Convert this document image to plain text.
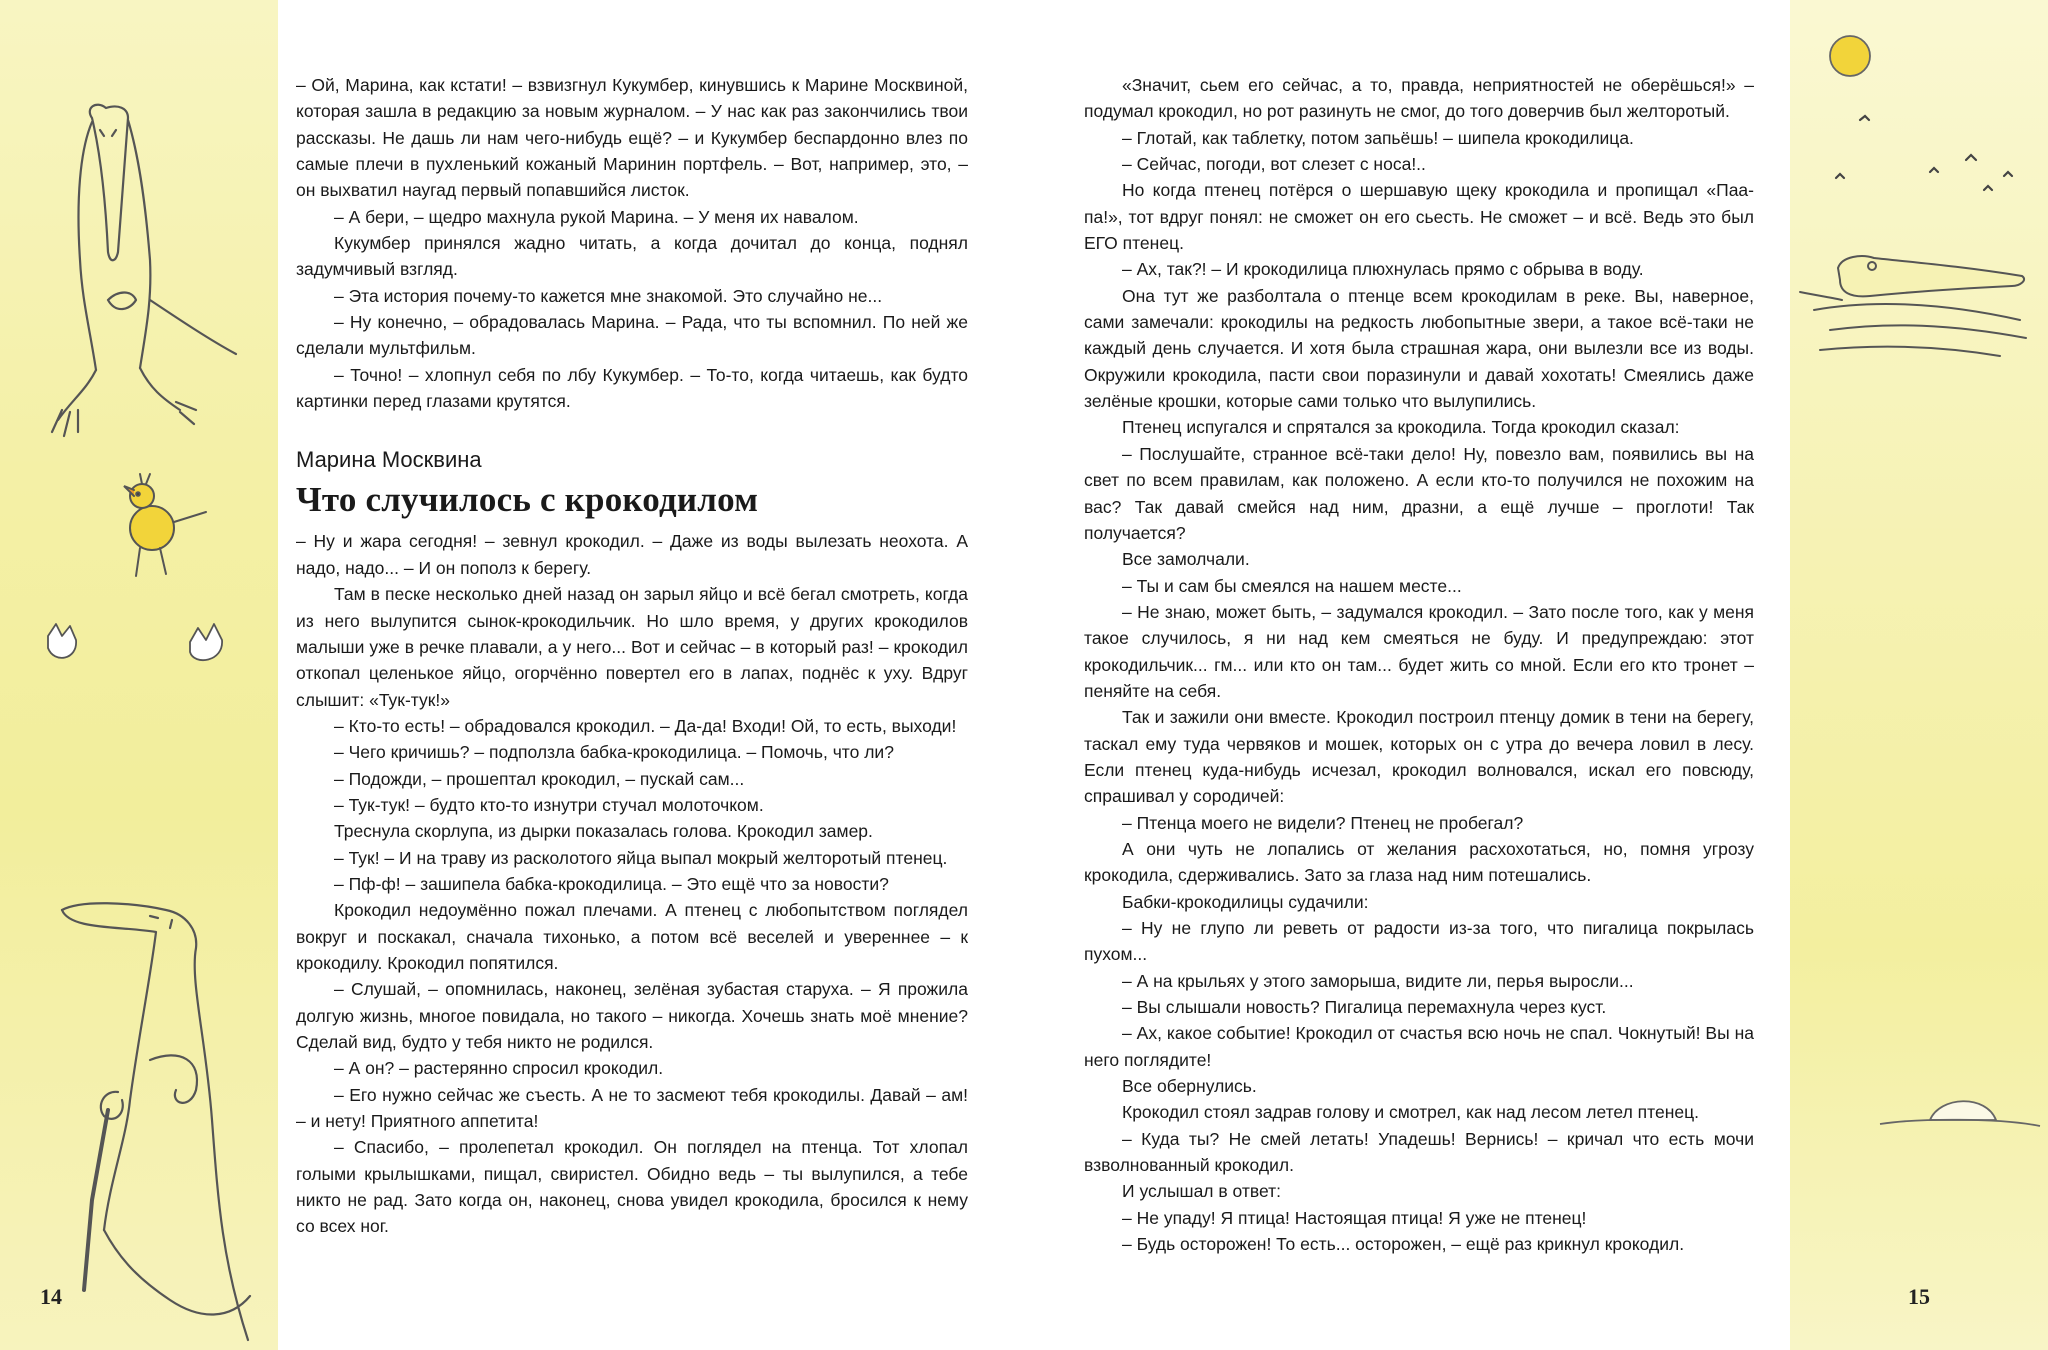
14

– Ой, Марина, как кстати! – взвизгнул Кукумбер, кинувшись к Марине Москвиной, которая зашла в редакцию за новым журналом. – У нас как раз закончились твои рассказы. Не дашь ли нам чего-нибудь ещё? – и Кукумбер беспардонно влез по самые плечи в пухленький кожаный Маринин портфель. – Вот, например, это, – он выхватил наугад первый попавшийся листок.

– А бери, – щедро махнула рукой Марина. – У меня их навалом.

Кукумбер принялся жадно читать, а когда дочитал до конца, поднял задумчивый взгляд.

– Эта история почему-то кажется мне знакомой. Это случайно не...

– Ну конечно, – обрадовалась Марина. – Рада, что ты вспомнил. По ней же сделали мультфильм.

– Точно! – хлопнул себя по лбу Кукумбер. – То-то, когда читаешь, как будто картинки перед глазами крутятся.

Марина Москвина
Что случилось с крокодилом

– Ну и жара сегодня! – зевнул крокодил. – Даже из воды вылезать неохота. А надо, надо... – И он пополз к берегу.

Там в песке несколько дней назад он зарыл яйцо и всё бегал смотреть, когда из него вылупится сынок-крокодильчик. Но шло время, у других крокодилов малыши уже в речке плавали, а у него... Вот и сейчас – в который раз! – крокодил откопал целенькое яйцо, огорчённо повертел его в лапах, поднёс к уху. Вдруг слышит: «Тук-тук!»

– Кто-то есть! – обрадовался крокодил. – Да-да! Входи! Ой, то есть, выходи!

– Чего кричишь? – подползла бабка-крокодилица. – Помочь, что ли?

– Подожди, – прошептал крокодил, – пускай сам...

– Тук-тук! – будто кто-то изнутри стучал молоточком.

Треснула скорлупа, из дырки показалась голова. Крокодил замер.

– Тук! – И на траву из расколотого яйца выпал мокрый желторотый птенец.

– Пф-ф! – зашипела бабка-крокодилица. – Это ещё что за новости?

Крокодил недоумённо пожал плечами. А птенец с любопытством поглядел вокруг и поскакал, сначала тихонько, а потом всё веселей и увереннее – к крокодилу. Крокодил попятился.

– Слушай, – опомнилась, наконец, зелёная зубастая старуха. – Я прожила долгую жизнь, многое повидала, но такого – никогда. Хочешь знать моё мнение? Сделай вид, будто у тебя никто не родился.

– А он? – растерянно спросил крокодил.

– Его нужно сейчас же съесть. А не то засмеют тебя крокодилы. Давай – ам! – и нету! Приятного аппетита!

– Спасибо, – пролепетал крокодил. Он поглядел на птенца. Тот хлопал голыми крылышками, пищал, свиристел. Обидно ведь – ты вылупился, а тебе никто не рад. Зато когда он, наконец, снова увидел крокодила, бросился к нему со всех ног.

«Значит, сьем его сейчас, а то, правда, неприятностей не оберёшься!» – подумал крокодил, но рот разинуть не смог, до того доверчив был желторотый.

– Глотай, как таблетку, потом запьёшь! – шипела крокодилица.

– Сейчас, погоди, вот слезет с носа!..

Но когда птенец потёрся о шершавую щеку крокодила и пропищал «Паа-па!», тот вдруг понял: не сможет он его сьесть. Не сможет – и всё. Ведь это был ЕГО птенец.

– Ах, так?! – И крокодилица плюхнулась прямо с обрыва в воду.

Она тут же разболтала о птенце всем крокодилам в реке. Вы, наверное, сами замечали: крокодилы на редкость любопытные звери, а такое всё-таки не каждый день случается. И хотя была страшная жара, они вылезли все из воды. Окружили крокодила, пасти свои поразинули и давай хохотать! Смеялись даже зелёные крошки, которые сами только что вылупились.

Птенец испугался и спрятался за крокодила. Тогда крокодил сказал:

– Послушайте, странное всё-таки дело! Ну, повезло вам, появились вы на свет по всем правилам, как положено. А если кто-то получился не похожим на вас? Так давай смейся над ним, дразни, а ещё лучше – проглоти! Так получается?

Все замолчали.

– Ты и сам бы смеялся на нашем месте...

– Не знаю, может быть, – задумался крокодил. – Зато после того, как у меня такое случилось, я ни над кем смеяться не буду. И предупреждаю: этот крокодильчик... гм... или кто он там... будет жить со мной. Если его кто тронет – пеняйте на себя.

Так и зажили они вместе. Крокодил построил птенцу домик в тени на берегу, таскал ему туда червяков и мошек, которых он с утра до вечера ловил в лесу. Если птенец куда-нибудь исчезал, крокодил волновался, искал его повсюду, спрашивал у сородичей:

– Птенца моего не видели? Птенец не пробегал?

А они чуть не лопались от желания расхохотаться, но, помня угрозу крокодила, сдерживались. Зато за глаза над ним потешались.

Бабки-крокодилицы судачили:

– Ну не глупо ли реветь от радости из-за того, что пигалица покрылась пухом...

– А на крыльях у этого заморыша, видите ли, перья выросли...

– Вы слышали новость? Пигалица перемахнула через куст.

– Ах, какое событие! Крокодил от счастья всю ночь не спал. Чокнутый! Вы на него поглядите!

Все обернулись.

Крокодил стоял задрав голову и смотрел, как над лесом летел птенец.

– Куда ты? Не смей летать! Упадешь! Вернись! – кричал что есть мочи взволнованный крокодил.

И услышал в ответ:

– Не упаду! Я птица! Настоящая птица! Я уже не птенец!

– Будь осторожен! То есть... осторожен, – ещё раз крикнул крокодил.

15
